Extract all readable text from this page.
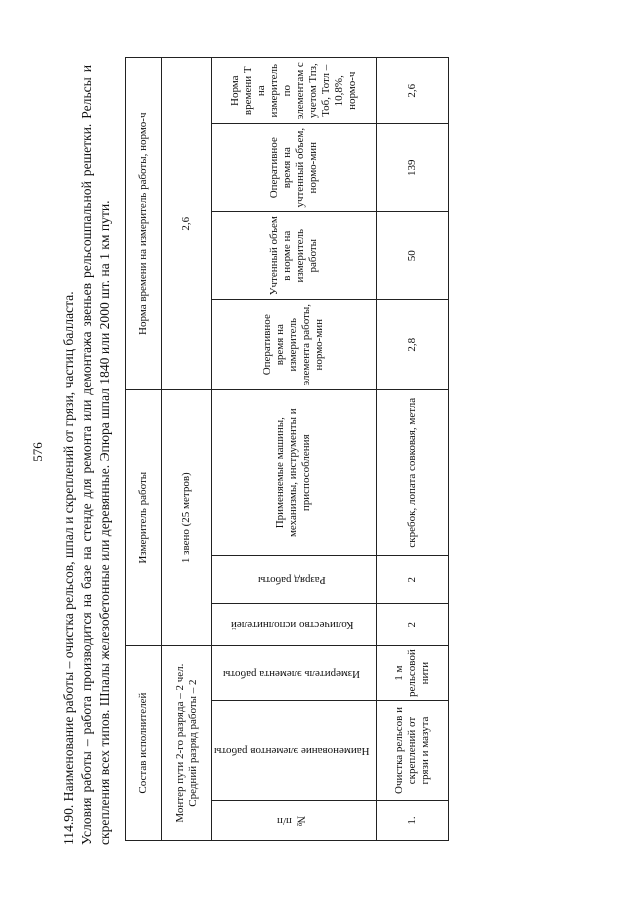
576 114.90. Наименование работы – очистка рельсов, шпал и скреплений от грязи, частиц балласта. Условия работы – работа производится на базе на стенде для ремонта или демонтажа звеньев рельсошпальной решетки. Рельсы и скрепления всех типов. Шпалы железобетонные или деревянные. Эпюра шпал 1840 или 2000 шт. на 1 км пути. Состав исполнителей			Измеритель работы			Норма времени на измеритель работы, нормо-ч			
Монтер пути 2-го разряда – 2 чел. Средний разряд работы – 2			1 звено (25 метров)			2,6			
№ п/п	Наименование элементов работы	Измеритель элемента работы	Количество исполнителей	Разряд работы	Применяемые машины, механизмы, инструменты и приспособления	Оперативное время на измеритель элемента работы, нормо-мин	Учтенный объем в норме на измеритель работы	Оперативное время на учтенный объем, нормо-мин	Норма времени Т на измеритель по элементам с учетом Тпз, Тоб, Тотл – 10,8%, нормо-ч
1.	Очистка рельсов и скреплений от грязи и мазута	1 м рельсовой нити	2	2	скребок, лопата совковая, метла	2,8	50	139	2,6
